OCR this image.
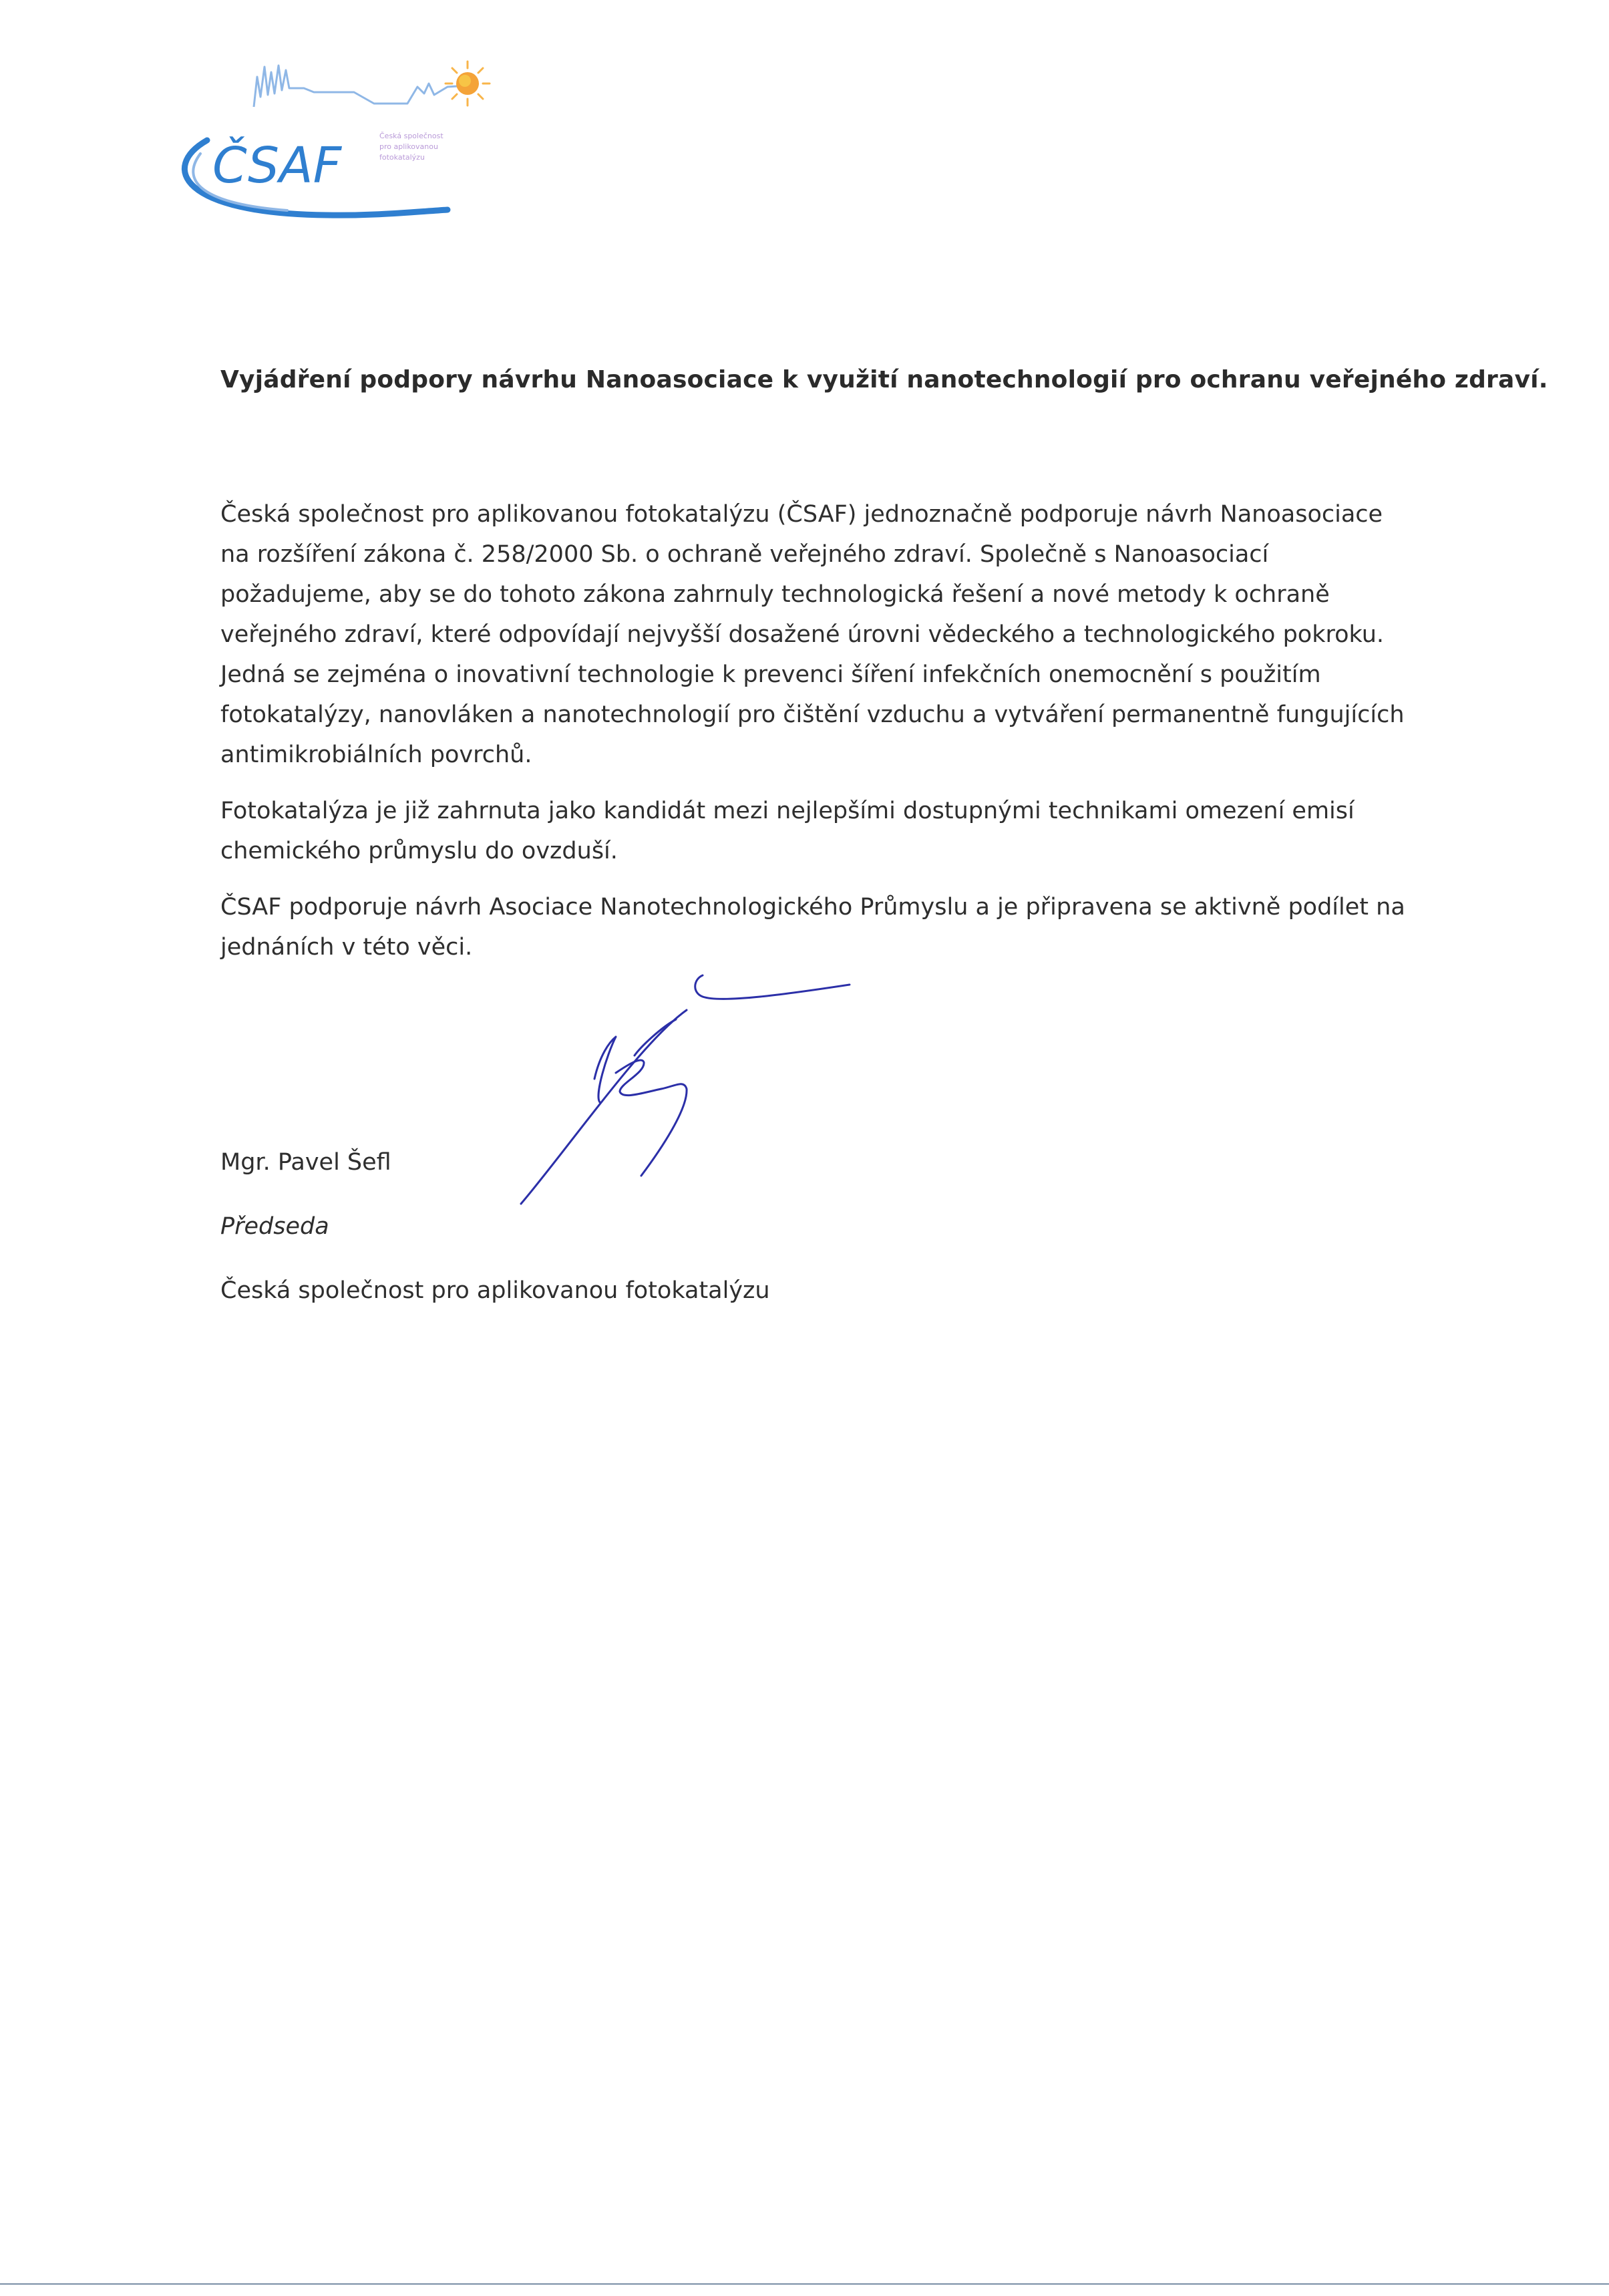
ČSAF
Česká společnost
pro aplikovanou
fotokatalýzu
Vyjádření podpory návrhu Nanoasociace k využití nanotechnologií pro ochranu veřejného zdraví.

Česká společnost pro aplikovanou fotokatalýzu (ČSAF) jednoznačně podporuje návrh Nanoasociace
na rozšíření zákona č. 258/2000 Sb. o ochraně veřejného zdraví. Společně s Nanoasociací
požadujeme, aby se do tohoto zákona zahrnuly technologická řešení a nové metody k ochraně
veřejného zdraví, které odpovídají nejvyšší dosažené úrovni vědeckého a technologického pokroku.
Jedná se zejména o inovativní technologie k prevenci šíření infekčních onemocnění s použitím
fotokatalýzy, nanovláken a nanotechnologií pro čištění vzduchu a vytváření permanentně fungujících
antimikrobiálních povrchů.

Fotokatalýza je již zahrnuta jako kandidát mezi nejlepšími dostupnými technikami omezení emisí
chemického průmyslu do ovzduší.

ČSAF podporuje návrh Asociace Nanotechnologického Průmyslu a je připravena se aktivně podílet na
jednáních v této věci.

Mgr. Pavel Šefl
Předseda
Česká společnost pro aplikovanou fotokatalýzu
